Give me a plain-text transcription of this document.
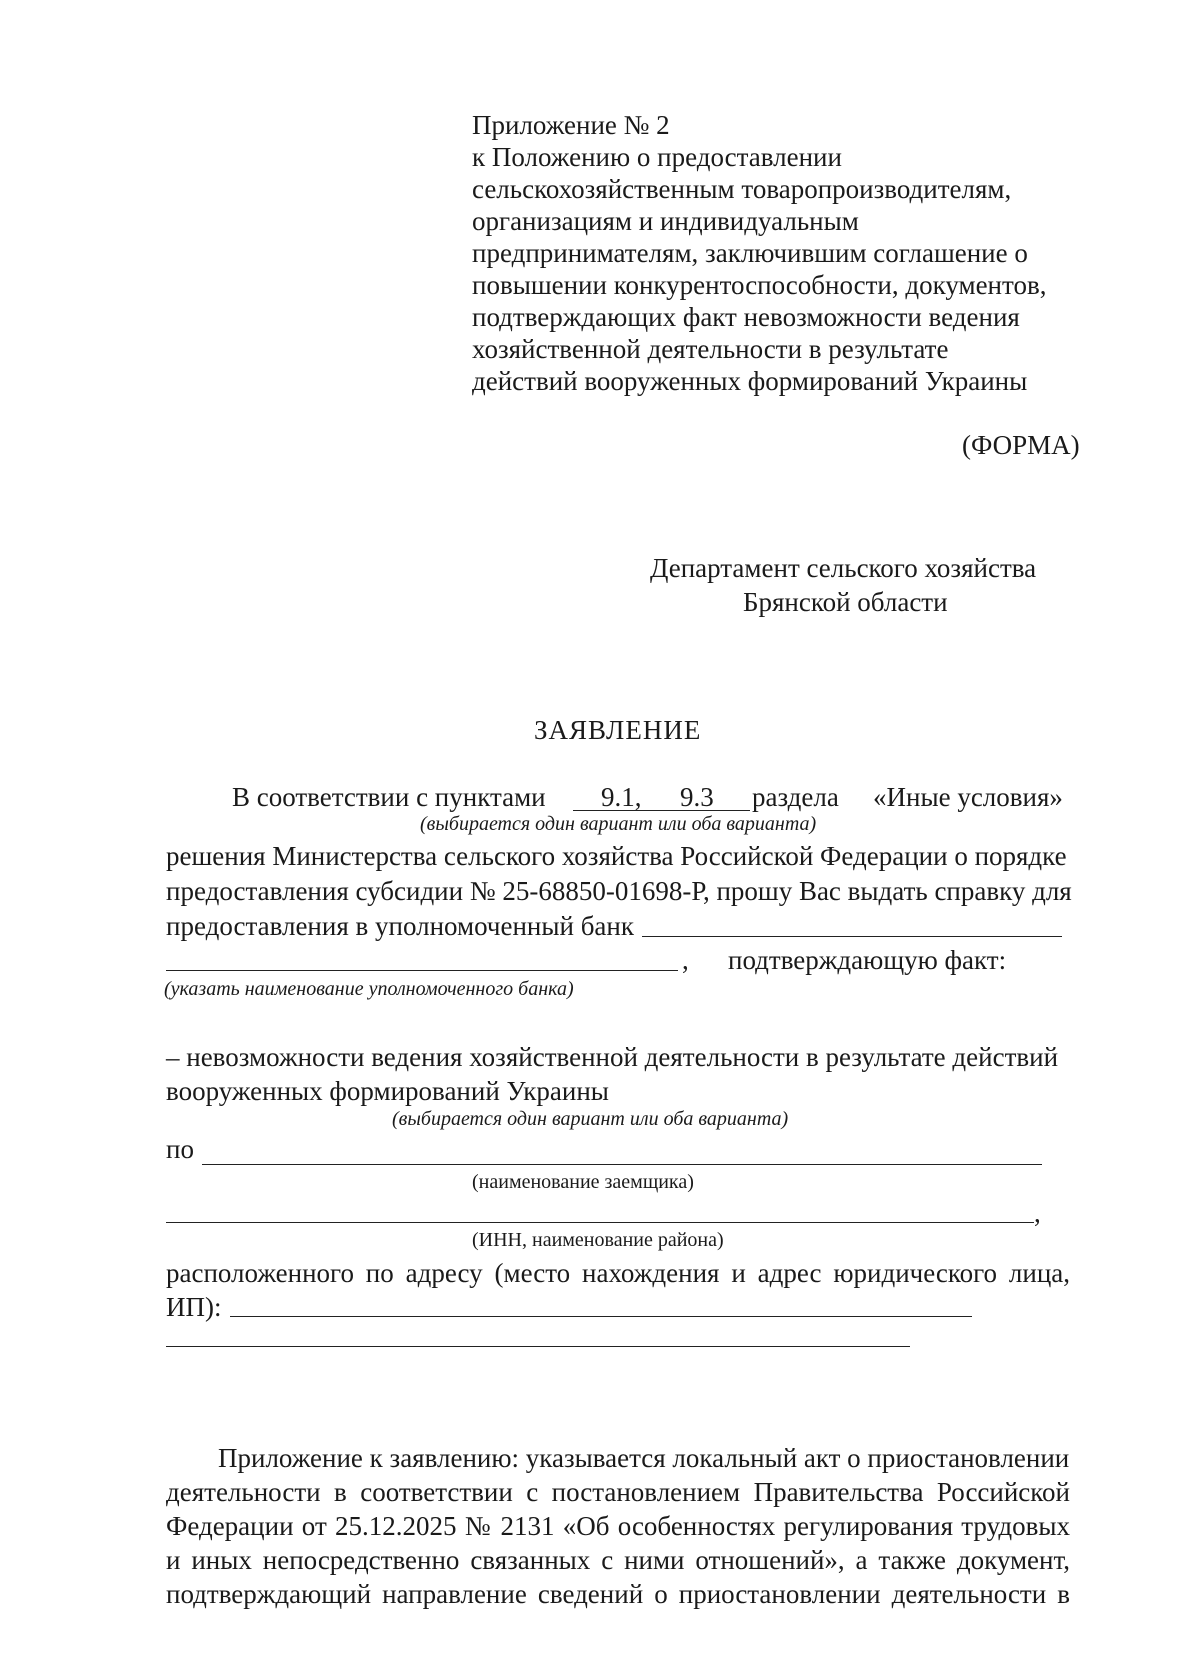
Приложение № 2
к Положению о предоставлении
сельскохозяйственным товаропроизводителям,
организациям и индивидуальным
предпринимателям, заключившим соглашение о
повышении конкурентоспособности, документов,
подтверждающих факт невозможности ведения
хозяйственной деятельности в результате
действий вооруженных формирований Украины
(ФОРМА)
Департамент сельского хозяйства
Брянской области
ЗАЯВЛЕНИЕ
В соответствии с пунктами 9.1, 9.3 раздела «Иные условия»
(выбирается один вариант или оба варианта)
решения Министерства сельского хозяйства Российской Федерации о порядке
предоставления субсидии № 25-68850-01698-Р, прошу Вас выдать справку для
предоставления в уполномоченный банк
, подтверждающую факт:
(указать наименование уполномоченного банка)
– невозможности ведения хозяйственной деятельности в результате действий
вооруженных формирований Украины
(выбирается один вариант или оба варианта)
по
(наименование заемщика)
,
(ИНН, наименование района)
расположенного по адресу (место нахождения и адрес юридического лица,
ИП):
Приложение к заявлению: указывается локальный акт о приостановлении
деятельности в соответствии с постановлением Правительства Российской
Федерации от 25.12.2025 № 2131 «Об особенностях регулирования трудовых
и иных непосредственно связанных с ними отношений», а также документ,
подтверждающий направление сведений о приостановлении деятельности в
